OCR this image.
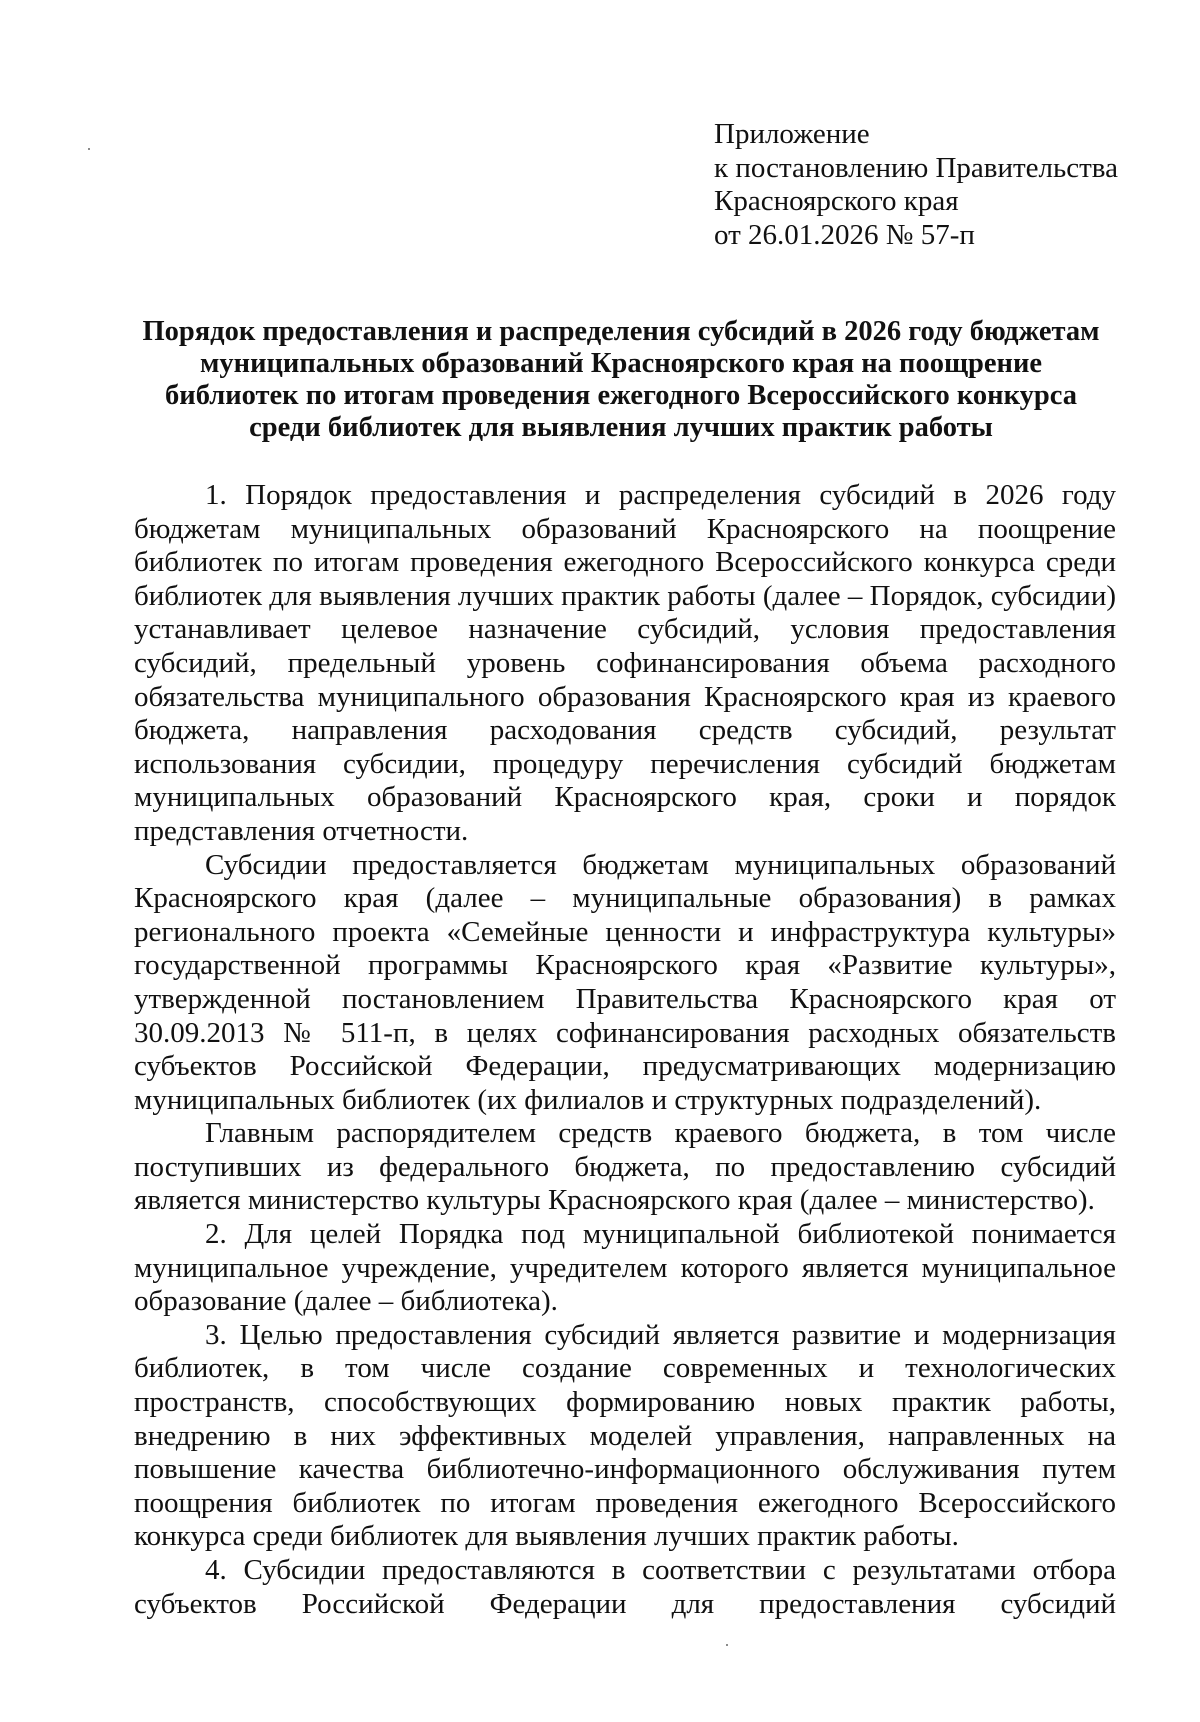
Приложение
к постановлению Правительства
Красноярского края
от 26.01.2026 № 57-п
Порядок предоставления и распределения субсидий в 2026 году бюджетам
муниципальных образований Красноярского края на поощрение
библиотек по итогам проведения ежегодного Всероссийского конкурса
среди библиотек для выявления лучших практик работы

1. Порядок предоставления и распределения субсидий в 2026 году бюджетам муниципальных образований Красноярского на поощрение библиотек по итогам проведения ежегодного Всероссийского конкурса среди библиотек для выявления лучших практик работы (далее – Порядок, субсидии) устанавливает целевое назначение субсидий, условия предоставления субсидий, предельный уровень софинансирования объема расходного обязательства муниципального образования Красноярского края из краевого бюджета, направления расходования средств субсидий, результат использования субсидии, процедуру перечисления субсидий бюджетам муниципальных образований Красноярского края, сроки и порядок представления отчетности.

Субсидии предоставляется бюджетам муниципальных образований Красноярского края (далее – муниципальные образования) в рамках регионального проекта «Семейные ценности и инфраструктура культуры» государственной программы Красноярского края «Развитие культуры», утвержденной постановлением Правительства Красноярского края от 30.09.2013 № 511-п, в целях софинансирования расходных обязательств субъектов Российской Федерации, предусматривающих модернизацию муниципальных библиотек (их филиалов и структурных подразделений).

Главным распорядителем средств краевого бюджета, в том числе поступивших из федерального бюджета, по предоставлению субсидий является министерство культуры Красноярского края (далее – министерство).

2. Для целей Порядка под муниципальной библиотекой понимается муниципальное учреждение, учредителем которого является муниципальное образование (далее – библиотека).

3. Целью предоставления субсидий является развитие и модернизация библиотек, в том числе создание современных и технологических пространств, способствующих формированию новых практик работы, внедрению в них эффективных моделей управления, направленных на повышение качества библиотечно-информационного обслуживания путем поощрения библиотек по итогам проведения ежегодного Всероссийского конкурса среди библиотек для выявления лучших практик работы.

4. Субсидии предоставляются в соответствии с результатами отбора субъектов Российской Федерации для предоставления субсидий
